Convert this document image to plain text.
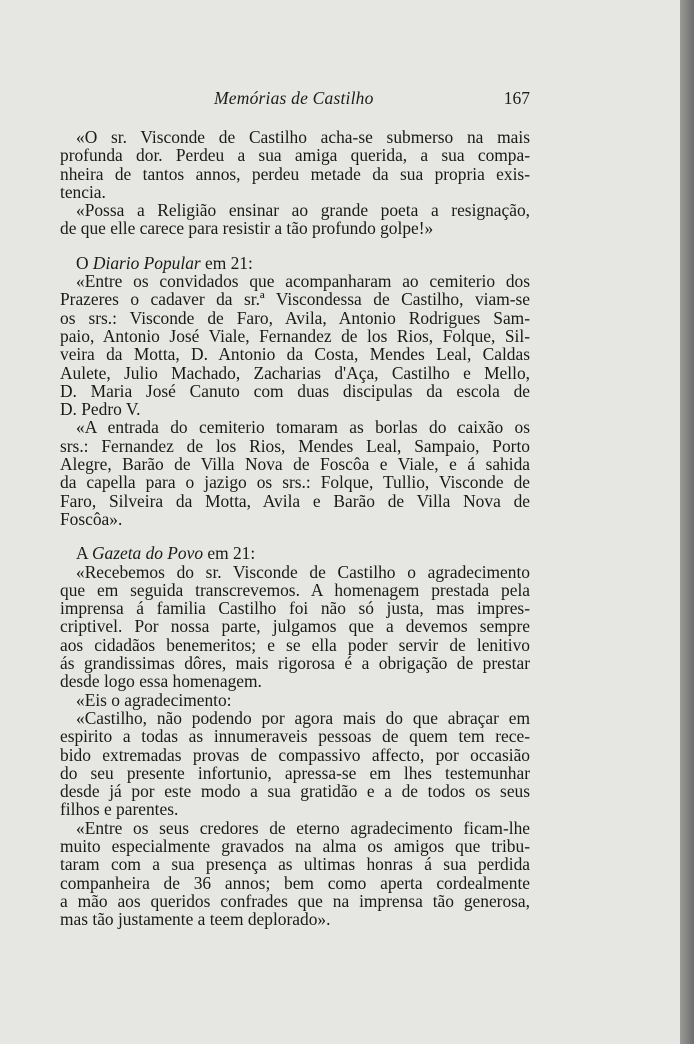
Memórias de Castilho	167
«O sr. Visconde de Castilho acha-se submerso na mais
profunda dor. Perdeu a sua amiga querida, a sua compa-
nheira de tantos annos, perdeu metade da sua propria exis-
tencia.
«Possa a Religião ensinar ao grande poeta a resignação,
de que elle carece para resistir a tão profundo golpe!»
O Diario Popular em 21:
«Entre os convidados que acompanharam ao cemiterio dos
Prazeres o cadaver da sr.ª Viscondessa de Castilho, viam-se
os srs.: Visconde de Faro, Avila, Antonio Rodrigues Sam-
paio, Antonio José Viale, Fernandez de los Rios, Folque, Sil-
veira da Motta, D. Antonio da Costa, Mendes Leal, Caldas
Aulete, Julio Machado, Zacharias d'Aça, Castilho e Mello,
D. Maria José Canuto com duas discipulas da escola de
D. Pedro V.
«A entrada do cemiterio tomaram as borlas do caixão os
srs.: Fernandez de los Rios, Mendes Leal, Sampaio, Porto
Alegre, Barão de Villa Nova de Foscôa e Viale, e á sahida
da capella para o jazigo os srs.: Folque, Tullio, Visconde de
Faro, Silveira da Motta, Avila e Barão de Villa Nova de
Foscôa».
A Gazeta do Povo em 21:
«Recebemos do sr. Visconde de Castilho o agradecimento
que em seguida transcrevemos. A homenagem prestada pela
imprensa á familia Castilho foi não só justa, mas impres-
criptivel. Por nossa parte, julgamos que a devemos sempre
aos cidadãos benemeritos; e se ella poder servir de lenitivo
ás grandissimas dôres, mais rigorosa é a obrigação de prestar
desde logo essa homenagem.
«Eis o agradecimento:
«Castilho, não podendo por agora mais do que abraçar em
espirito a todas as innumeraveis pessoas de quem tem rece-
bido extremadas provas de compassivo affecto, por occasião
do seu presente infortunio, apressa-se em lhes testemunhar
desde já por este modo a sua gratidão e a de todos os seus
filhos e parentes.
«Entre os seus credores de eterno agradecimento ficam-lhe
muito especialmente gravados na alma os amigos que tribu-
taram com a sua presença as ultimas honras á sua perdida
companheira de 36 annos; bem como aperta cordealmente
a mão aos queridos confrades que na imprensa tão generosa,
mas tão justamente a teem deplorado».
